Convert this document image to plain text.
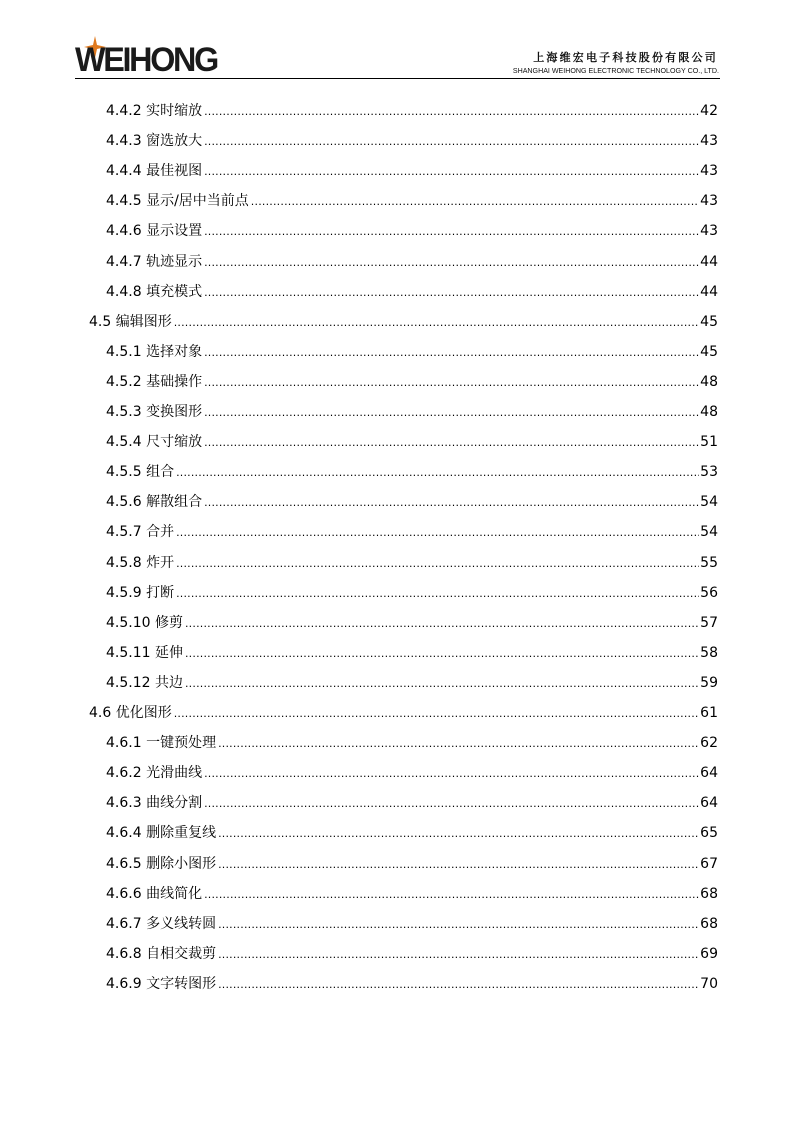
WEIHONG	上海维宏电子科技股份有限公司
SHANGHAI WEIHONG ELECTRONIC TECHNOLOGY CO., LTD.
4.4.2 实时缩放 .....	42
4.4.3 窗选放大 .....	43
4.4.4 最佳视图 .....	43
4.4.5 显示/居中当前点 .....	43
4.4.6 显示设置 .....	43
4.4.7 轨迹显示 .....	44
4.4.8 填充模式 .....	44
4.5 编辑图形 .....	45
4.5.1 选择对象 .....	45
4.5.2 基础操作 .....	48
4.5.3 变换图形 .....	48
4.5.4 尺寸缩放 .....	51
4.5.5 组合 .....	53
4.5.6 解散组合 .....	54
4.5.7 合并 .....	54
4.5.8 炸开 .....	55
4.5.9 打断 .....	56
4.5.10 修剪 .....	57
4.5.11 延伸 .....	58
4.5.12 共边 .....	59
4.6 优化图形 .....	61
4.6.1 一键预处理 .....	62
4.6.2 光滑曲线 .....	64
4.6.3 曲线分割 .....	64
4.6.4 删除重复线 .....	65
4.6.5 删除小图形 .....	67
4.6.6 曲线简化 .....	68
4.6.7 多义线转圆 .....	68
4.6.8 自相交裁剪 .....	69
4.6.9 文字转图形 .....	70
